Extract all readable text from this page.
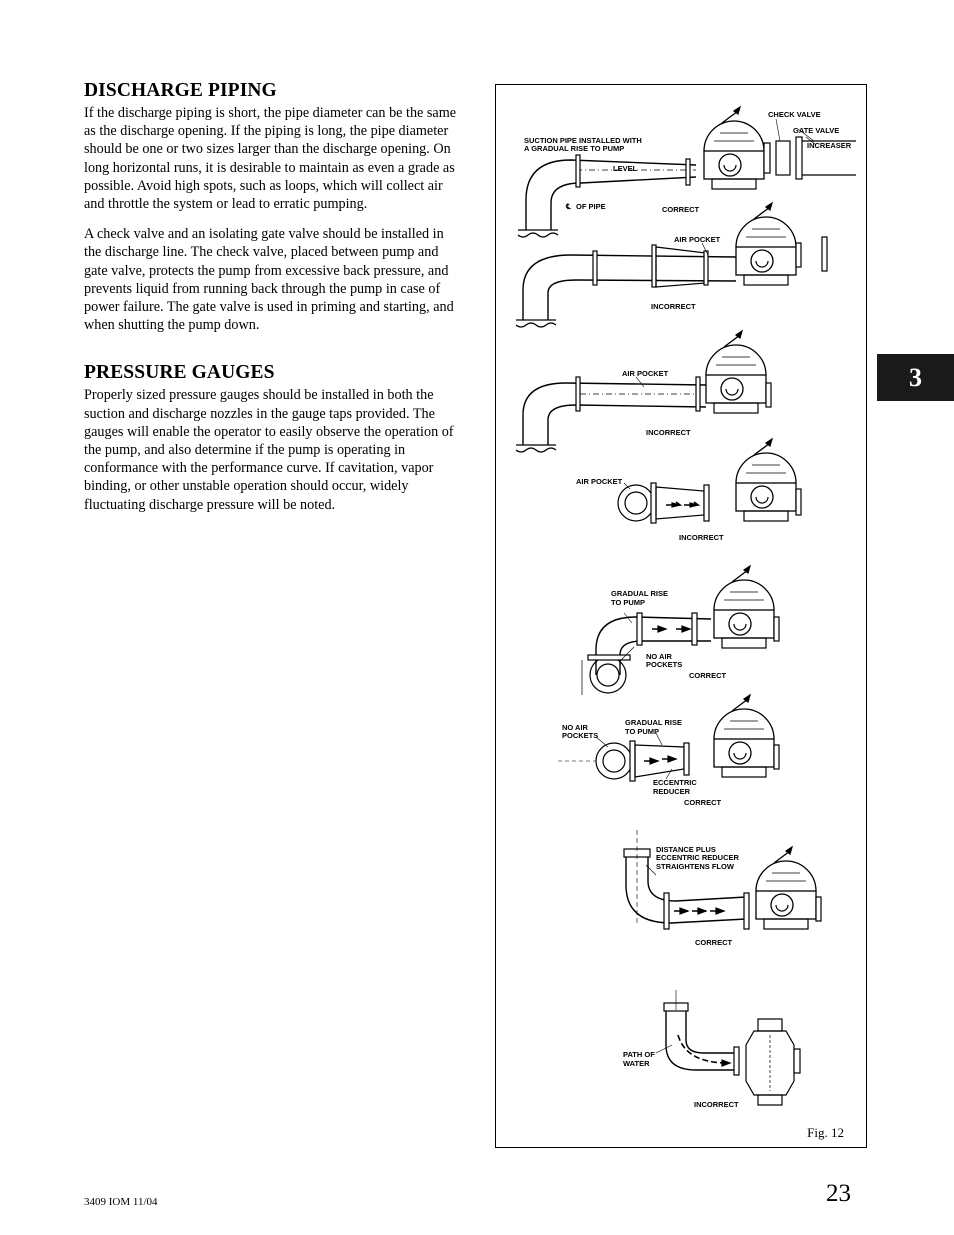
DISCHARGE PIPING

If the discharge piping is short, the pipe diameter can be the same as the discharge opening. If the piping is long, the pipe diameter should be one or two sizes larger than the discharge opening. On long horizontal runs, it is desirable to maintain as even a grade as possible. Avoid high spots, such as loops, which will collect air and throttle the system or lead to erratic pumping.

A check valve and an isolating gate valve should be installed in the discharge line. The check valve, placed between pump and gate valve, protects the pump from excessive back pressure, and prevents liquid from running back through the pump in case of power failure. The gate valve is used in priming and starting, and when shutting the pump down.

PRESSURE GAUGES

Properly sized pressure gauges should be installed in both the suction and discharge nozzles in the gauge taps provided. The gauges will enable the operator to easily observe the operation of the pump, and also determine if the pump is operating in conformance with the performance curve. If cavitation, vapor binding, or other unstable operation should occur, widely fluctuating discharge pressure will be noted.

CHECK VALVE
GATE VALVE
INCREASER
SUCTION PIPE INSTALLED WITH
A GRADUAL RISE TO PUMP
LEVEL
℄ OF PIPE	CORRECT
AIR POCKET
INCORRECT
AIR POCKET
INCORRECT
AIR POCKET
INCORRECT
GRADUAL RISE
TO PUMP
NO AIR
POCKETS
CORRECT
NO AIR
POCKETS
GRADUAL RISE
TO PUMP
ECCENTRIC
REDUCER
CORRECT
DISTANCE PLUS
ECCENTRIC REDUCER
STRAIGHTENS FLOW
CORRECT
PATH OF
WATER
INCORRECT
Fig. 12
3
3409 IOM 11/04	23
